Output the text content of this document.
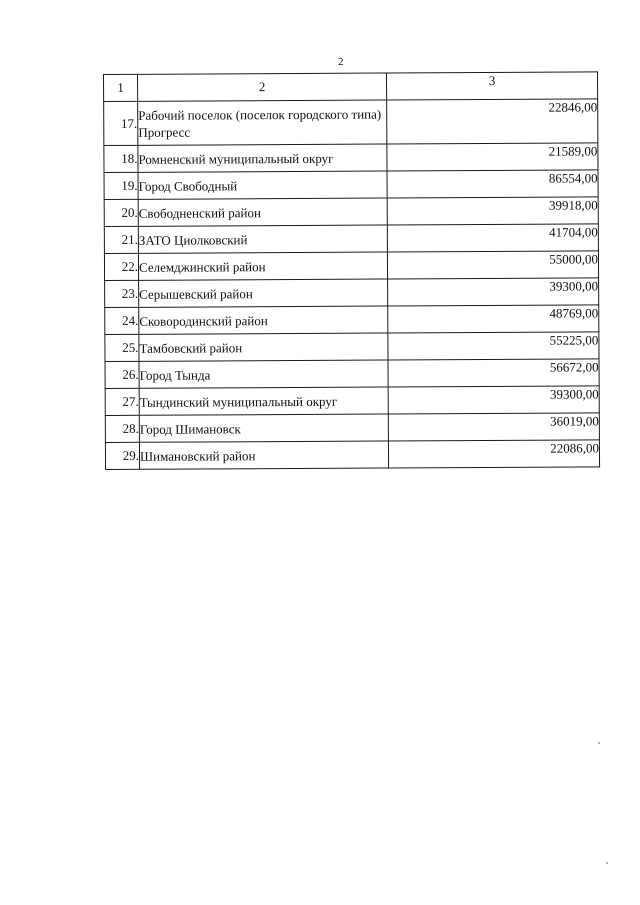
2
1	2	3
17.	Рабочий поселок (поселок городского типа) Прогресс	22846,00
18.	Ромненский муниципальный округ	21589,00
19.	Город Свободный	86554,00
20.	Свободненский район	39918,00
21.	ЗАТО Циолковский	41704,00
22.	Селемджинский район	55000,00
23.	Серышевский район	39300,00
24.	Сковородинский район	48769,00
25.	Тамбовский район	55225,00
26.	Город Тында	56672,00
27.	Тындинский муниципальный округ	39300,00
28.	Город Шимановск	36019,00
29.	Шимановский район	22086,00
